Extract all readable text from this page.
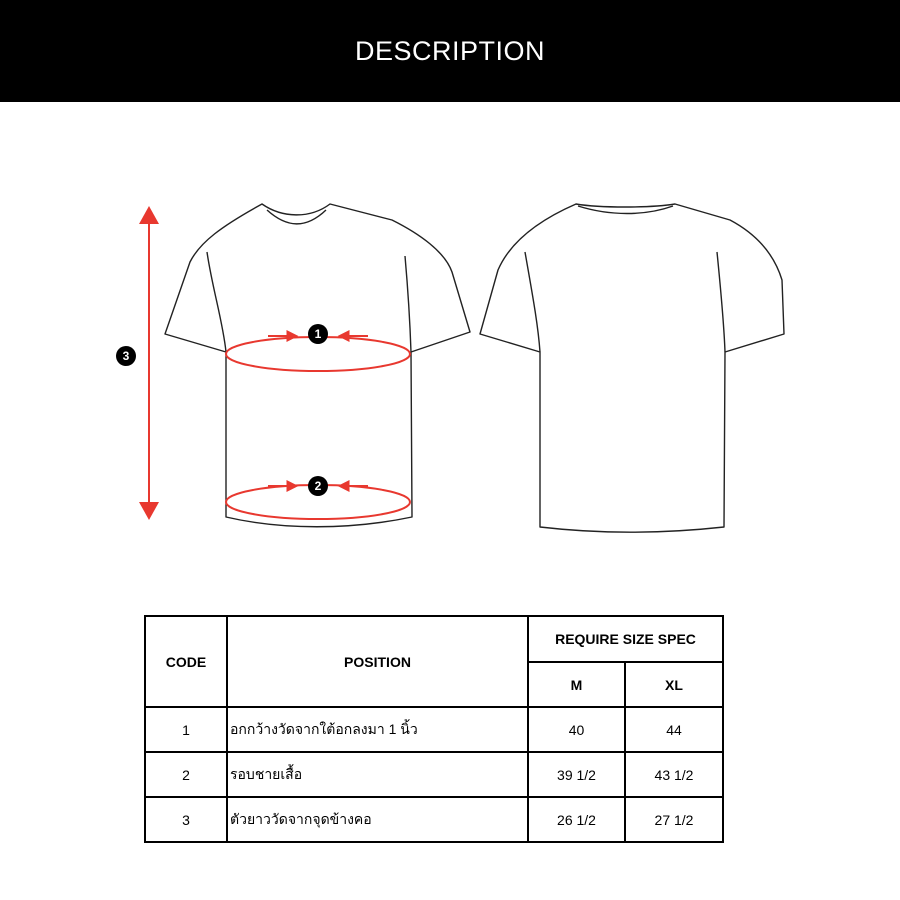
DESCRIPTION
1
2
3
CODE	POSITION	REQUIRE SIZE SPEC	
		M	XL
1	อกกว้างวัดจากใต้อกลงมา 1 นิ้ว	40	44
2	รอบชายเสื้อ	39 1/2	43 1/2
3	ตัวยาววัดจากจุดข้างคอ	26 1/2	27 1/2
